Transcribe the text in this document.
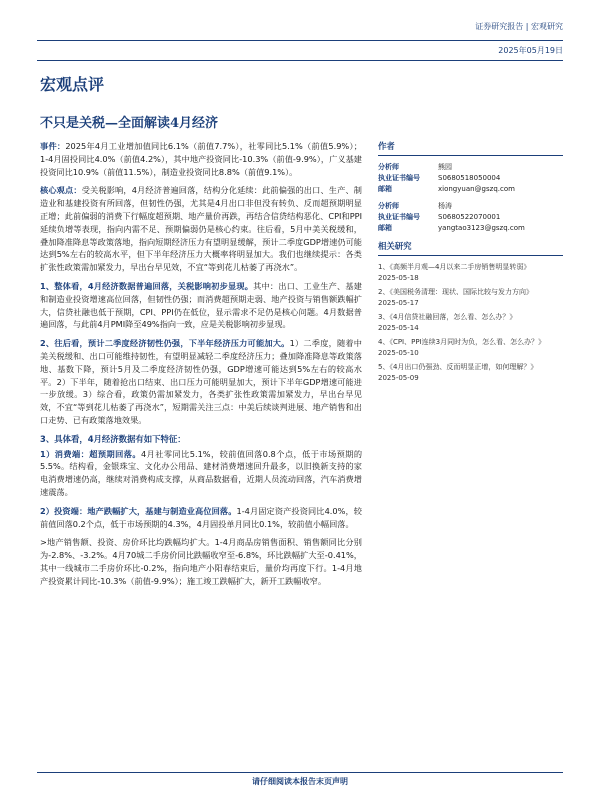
证券研究报告 | 宏观研究
2025年05月19日
宏观点评
不只是关税—全面解读4月经济

事件：2025年4月工业增加值同比6.1%（前值7.7%），社零同比5.1%（前值5.9%）；1-4月固投同比4.0%（前值4.2%），其中地产投资同比-10.3%（前值-9.9%），广义基建投资同比10.9%（前值11.5%），制造业投资同比8.8%（前值9.1%）。

核心观点：受关税影响，4月经济普遍回落，结构分化延续：此前偏强的出口、生产、制造业和基建投资有所回落，但韧性仍强，尤其是4月出口非但没有转负、反而超预期明显正增；此前偏弱的消费下行幅度超预期、地产量价再跌，再结合信贷结构恶化、CPI和PPI延续负增等表现，指向内需不足、预期偏弱仍是核心约束。往后看，5月中美关税缓和，叠加降准降息等政策落地，指向短期经济压力有望明显缓解，预计二季度GDP增速仍可能达到5%左右的较高水平，但下半年经济压力大概率将明显加大。我们也继续提示：各类扩张性政策需加紧发力，早出台早见效，不宜“等到花儿枯萎了再浇水”。

1、整体看，4月经济数据普遍回落，关税影响初步显现。其中：出口、工业生产、基建和制造业投资增速高位回落，但韧性仍强；而消费超预期走弱、地产投资与销售额跌幅扩大，信贷社融也低于预期，CPI、PPI仍在低位，显示需求不足仍是核心问题。4月数据普遍回落，与此前4月PMI降至49%指向一致，应是关税影响初步显现。

2、往后看，预计二季度经济韧性仍强，下半年经济压力可能加大。1）二季度，随着中美关税缓和、出口可能维持韧性，有望明显减轻二季度经济压力；叠加降准降息等政策落地、基数下降，预计5月及二季度经济韧性仍强，GDP增速可能达到5%左右的较高水平。2）下半年，随着抢出口结束、出口压力可能明显加大，预计下半年GDP增速可能进一步放缓。3）综合看，政策仍需加紧发力，各类扩张性政策需加紧发力，早出台早见效，不宜“等到花儿枯萎了再浇水”，短期需关注三点：中美后续谈判进展、地产销售和出口走势、已有政策落地效果。

3、具体看，4月经济数据有如下特征：

1）消费端：超预期回落。4月社零同比5.1%，较前值回落0.8个点，低于市场预期的5.5%。结构看，金银珠宝、文化办公用品、建材消费增速回升最多，以旧换新支持的家电消费增速仍高，继续对消费构成支撑，从商品数据看，近期人员流动回落，汽车消费增速震荡。

2）投资端：地产跌幅扩大，基建与制造业高位回落。1-4月固定资产投资同比4.0%，较前值回落0.2个点，低于市场预期的4.3%，4月固投单月同比0.1%，较前值小幅回落。

>地产销售额、投资、房价环比均跌幅均扩大。1-4月商品房销售面积、销售额同比分别为-2.8%、-3.2%。4月70城二手房价同比跌幅收窄至-6.8%，环比跌幅扩大至-0.41%，其中一线城市二手房价环比-0.2%，指向地产小阳春结束后，量价均再度下行。1-4月地产投资累计同比-10.3%（前值-9.9%）；施工竣工跌幅扩大，新开工跌幅收窄。

作者
分析师	熊园
执业证书编号	S0680518050004
邮箱	xiongyuan@gszq.com
分析师	杨涛
执业证书编号	S0680522070001
邮箱	yangtao3123@gszq.com
相关研究
1、《高频半月观—4月以来二手房销售明显转弱》
2025-05-18
2、《美国税务清理：现状、国际比较与发力方向》
2025-05-17
3、《4月信贷社融回落，怎么看、怎么办？》
2025-05-14
4、《CPI、PPI连续3月同时为负，怎么看、怎么办？》
2025-05-10
5、《4月出口仍强劲、反而明显正增，如何理解？》
2025-05-09
请仔细阅读本报告末页声明
